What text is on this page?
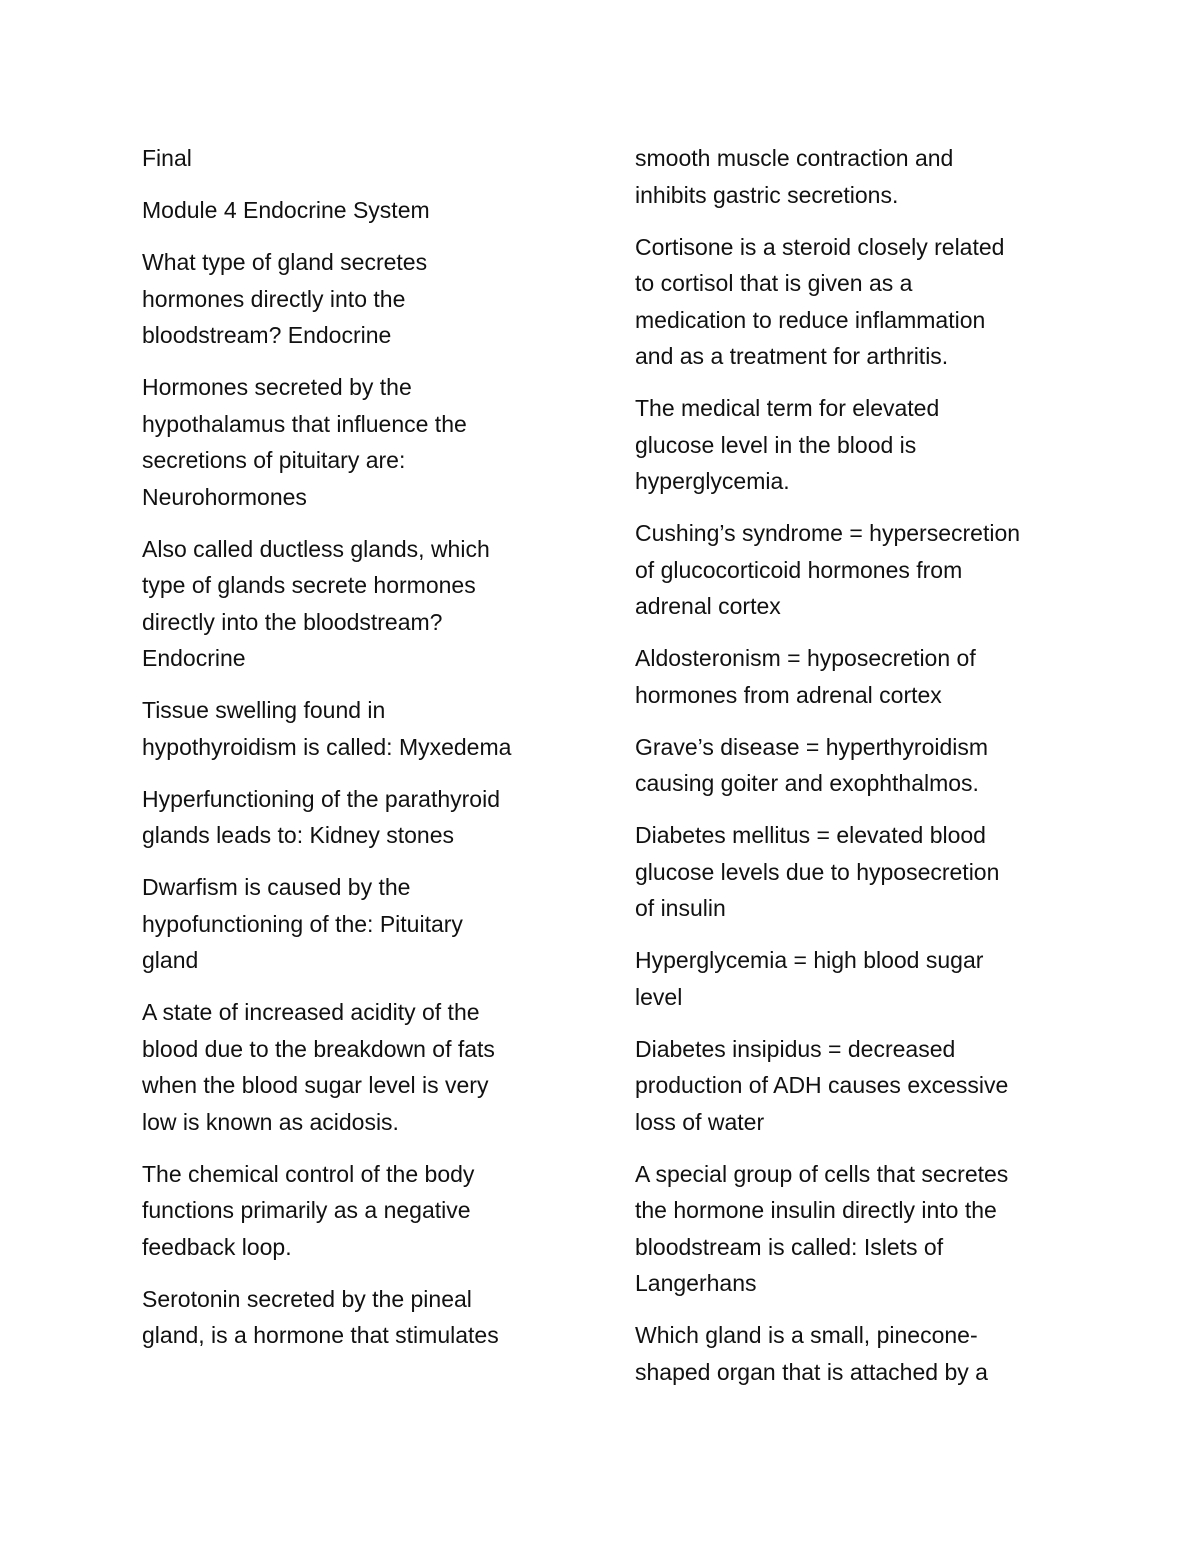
Final

Module 4 Endocrine System

What type of gland secretes
hormones directly into the
bloodstream? Endocrine

Hormones secreted by the
hypothalamus that influence the
secretions of pituitary are:
Neurohormones

Also called ductless glands, which
type of glands secrete hormones
directly into the bloodstream?
Endocrine

Tissue swelling found in
hypothyroidism is called: Myxedema

Hyperfunctioning of the parathyroid
glands leads to: Kidney stones

Dwarfism is caused by the
hypofunctioning of the: Pituitary
gland

A state of increased acidity of the
blood due to the breakdown of fats
when the blood sugar level is very
low is known as acidosis.

The chemical control of the body
functions primarily as a negative
feedback loop.

Serotonin secreted by the pineal
gland, is a hormone that stimulates

smooth muscle contraction and
inhibits gastric secretions.

Cortisone is a steroid closely related
to cortisol that is given as a
medication to reduce inflammation
and as a treatment for arthritis.

The medical term for elevated
glucose level in the blood is
hyperglycemia.

Cushing’s syndrome = hypersecretion
of glucocorticoid hormones from
adrenal cortex

Aldosteronism = hyposecretion of
hormones from adrenal cortex

Grave’s disease = hyperthyroidism
causing goiter and exophthalmos.

Diabetes mellitus = elevated blood
glucose levels due to hyposecretion
of insulin

Hyperglycemia = high blood sugar
level

Diabetes insipidus = decreased
production of ADH causes excessive
loss of water

A special group of cells that secretes
the hormone insulin directly into the
bloodstream is called: Islets of
Langerhans

Which gland is a small, pinecone-
shaped organ that is attached by a
